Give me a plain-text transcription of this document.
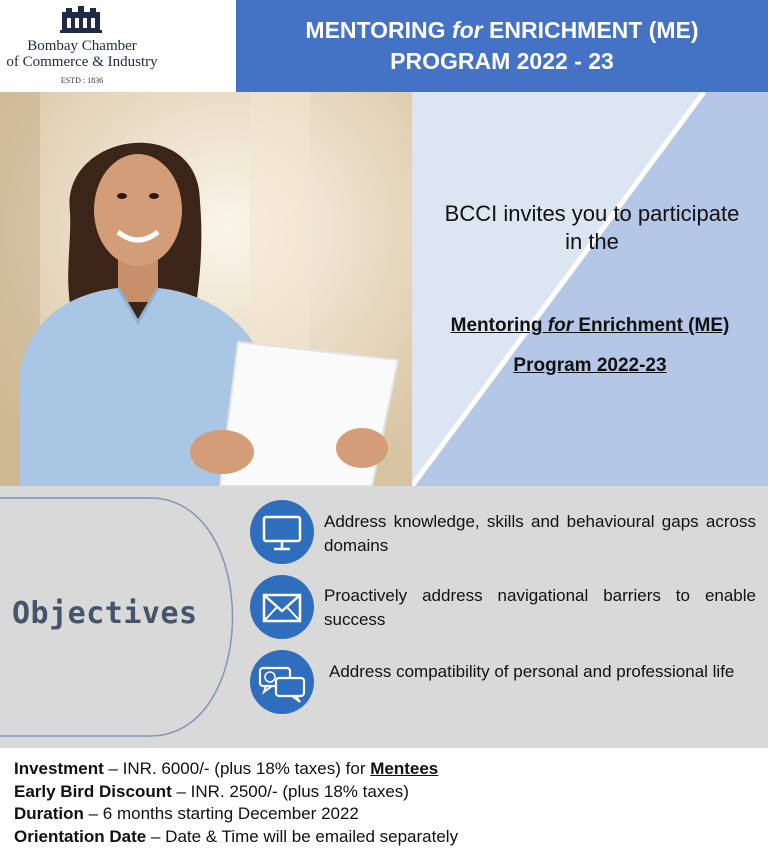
Bombay Chamber
of Commerce & Industry
ESTD : 1836
MENTORING for ENRICHMENT (ME)
PROGRAM 2022 - 23
BCCI invites you to participate
in the
Mentoring for Enrichment (ME)
Program 2022-23
Objectives
Address knowledge, skills and behavioural gaps across domains
Proactively address navigational barriers to enable success
Address compatibility of personal and professional life
Investment – INR. 6000/- (plus 18% taxes) for Mentees
Early Bird Discount – INR. 2500/- (plus 18% taxes)
Duration – 6 months starting December 2022
Orientation Date – Date & Time will be emailed separately
